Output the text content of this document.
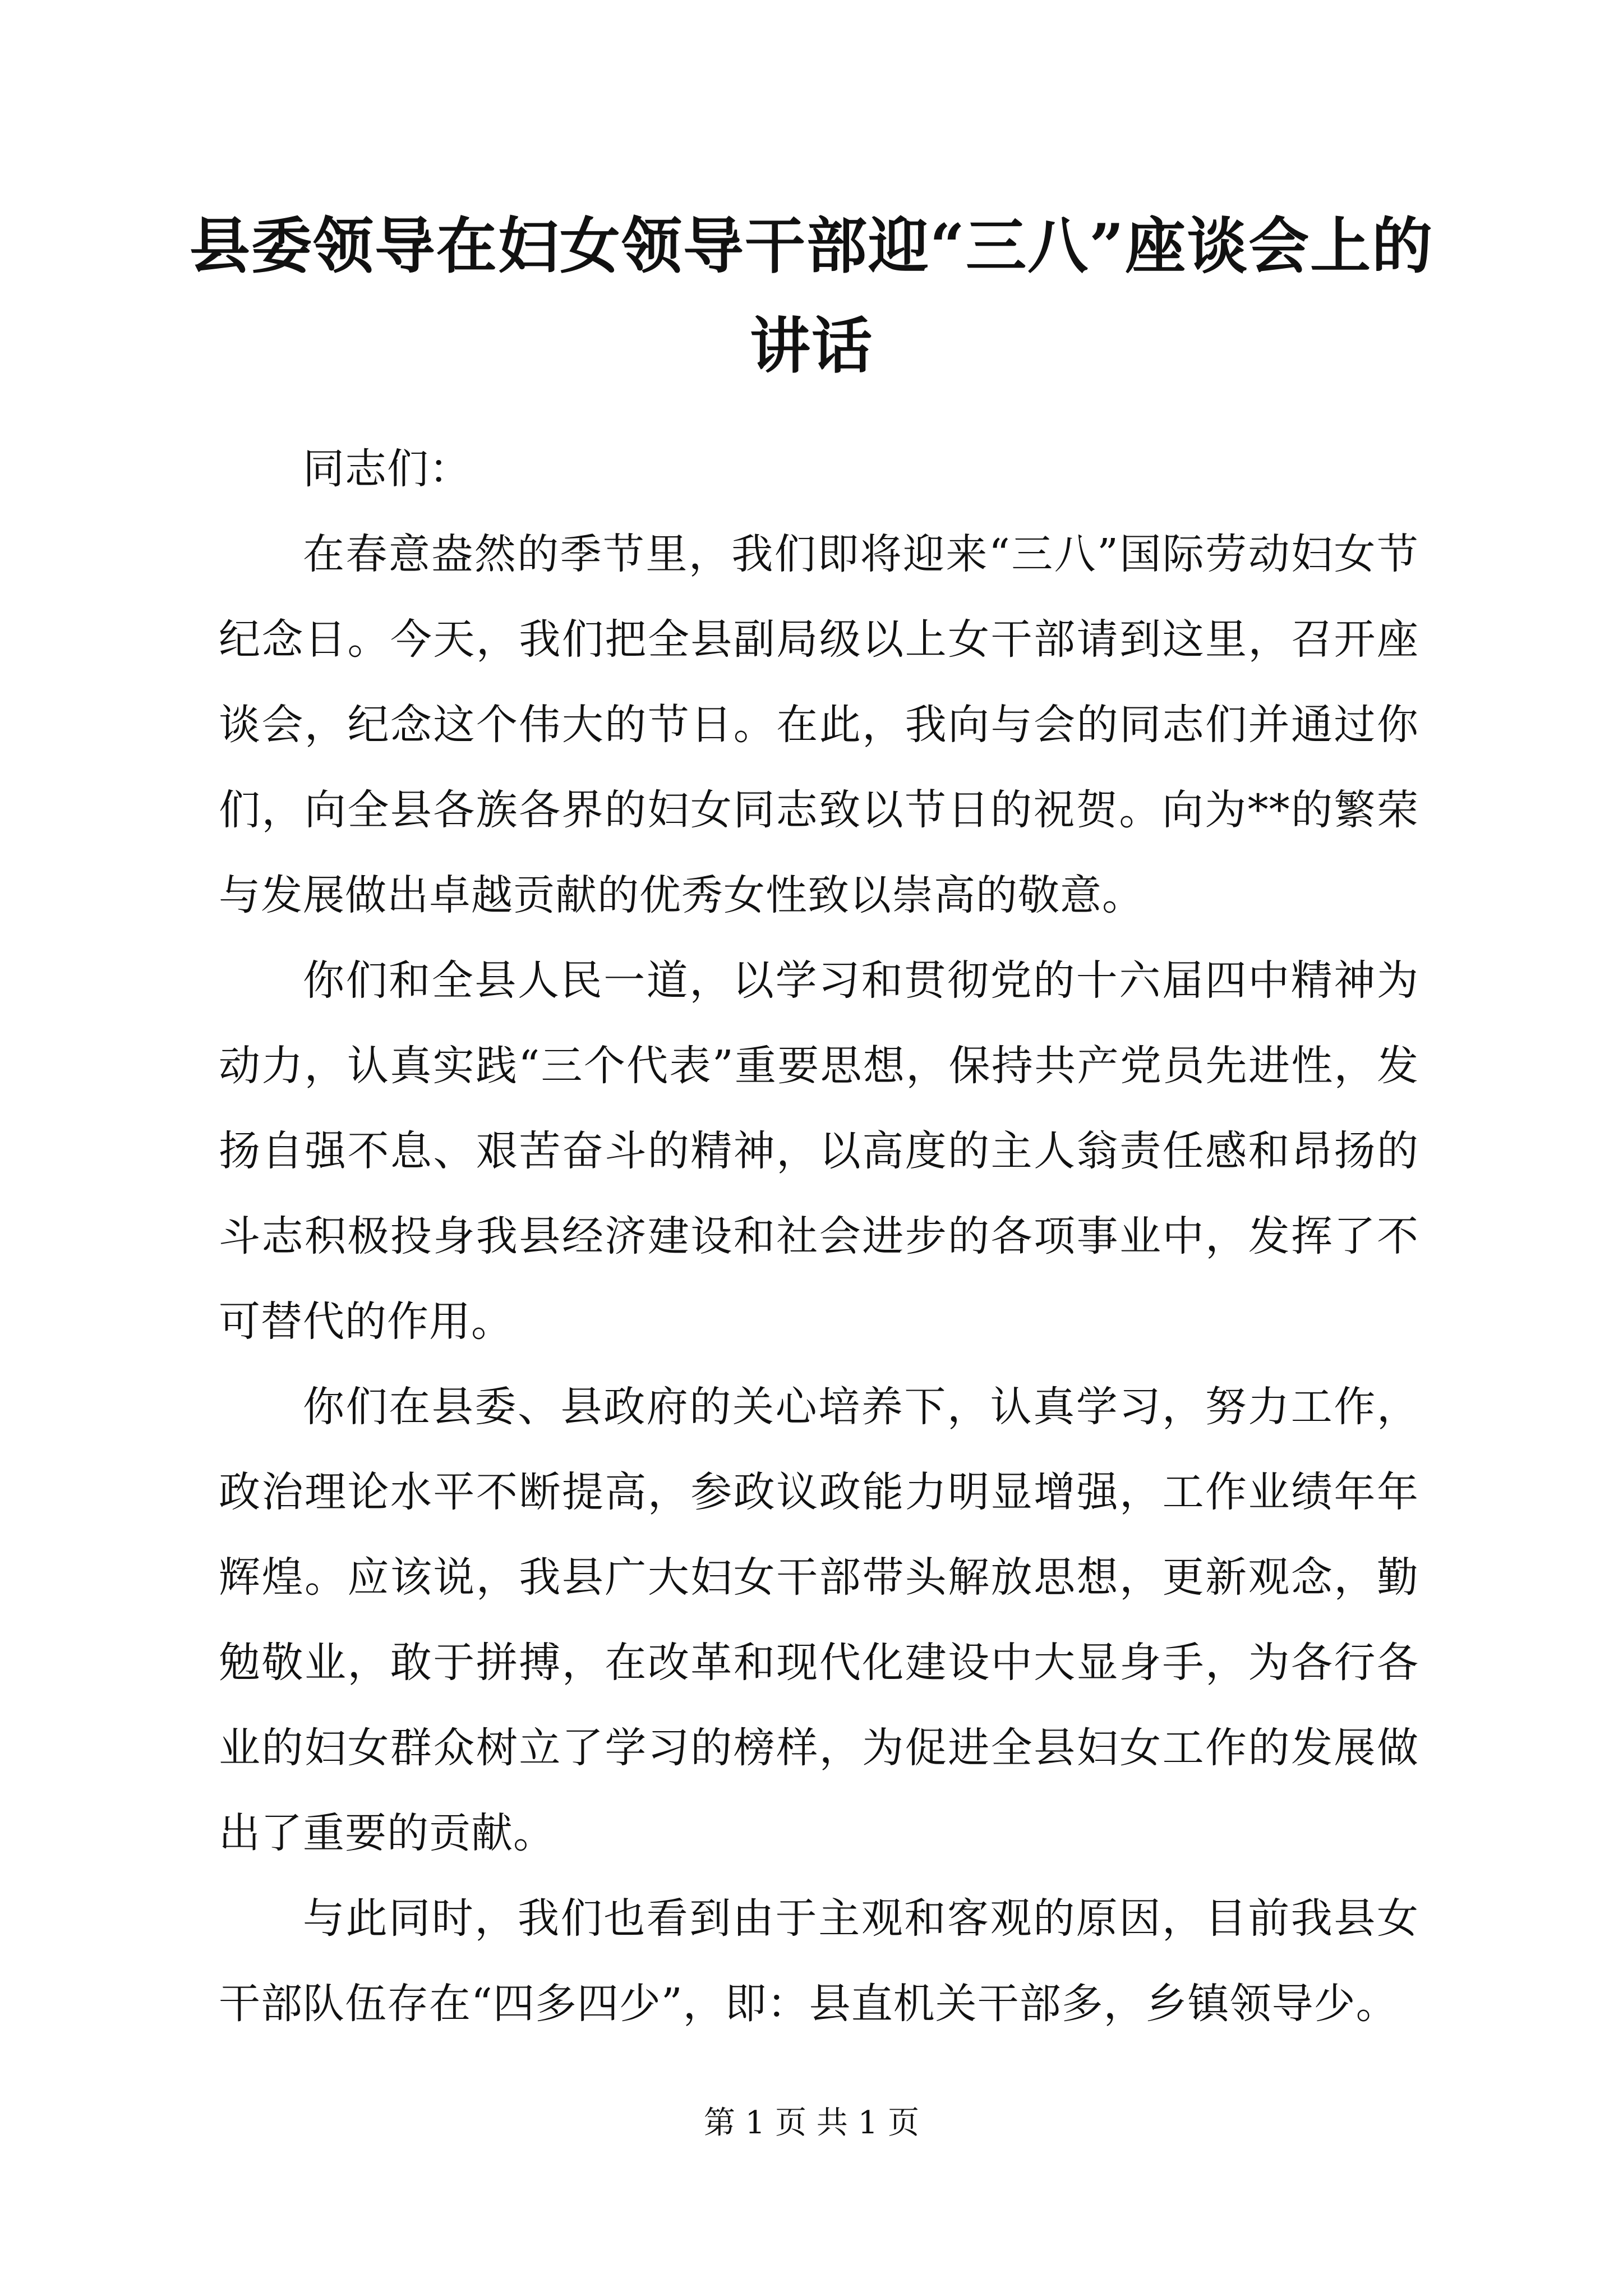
县委领导在妇女领导干部迎“三八”座谈会上的讲话

同志们：

在春意盎然的季节里，我们即将迎来“三八”国际劳动妇女节纪念日。今天，我们把全县副局级以上女干部请到这里，召开座谈会，纪念这个伟大的节日。在此，我向与会的同志们并通过你们，向全县各族各界的妇女同志致以节日的祝贺。向为**的繁荣与发展做出卓越贡献的优秀女性致以崇高的敬意。

你们和全县人民一道，以学习和贯彻党的十六届四中精神为动力，认真实践“三个代表”重要思想，保持共产党员先进性，发扬自强不息、艰苦奋斗的精神，以高度的主人翁责任感和昂扬的斗志积极投身我县经济建设和社会进步的各项事业中，发挥了不可替代的作用。

你们在县委、县政府的关心培养下，认真学习，努力工作，政治理论水平不断提高，参政议政能力明显增强，工作业绩年年辉煌。应该说，我县广大妇女干部带头解放思想，更新观念，勤勉敬业，敢于拼搏，在改革和现代化建设中大显身手，为各行各业的妇女群众树立了学习的榜样，为促进全县妇女工作的发展做出了重要的贡献。

与此同时，我们也看到由于主观和客观的原因，目前我县女干部队伍存在“四多四少”，即：县直机关干部多，乡镇领导少。

第 1 页 共 1 页
